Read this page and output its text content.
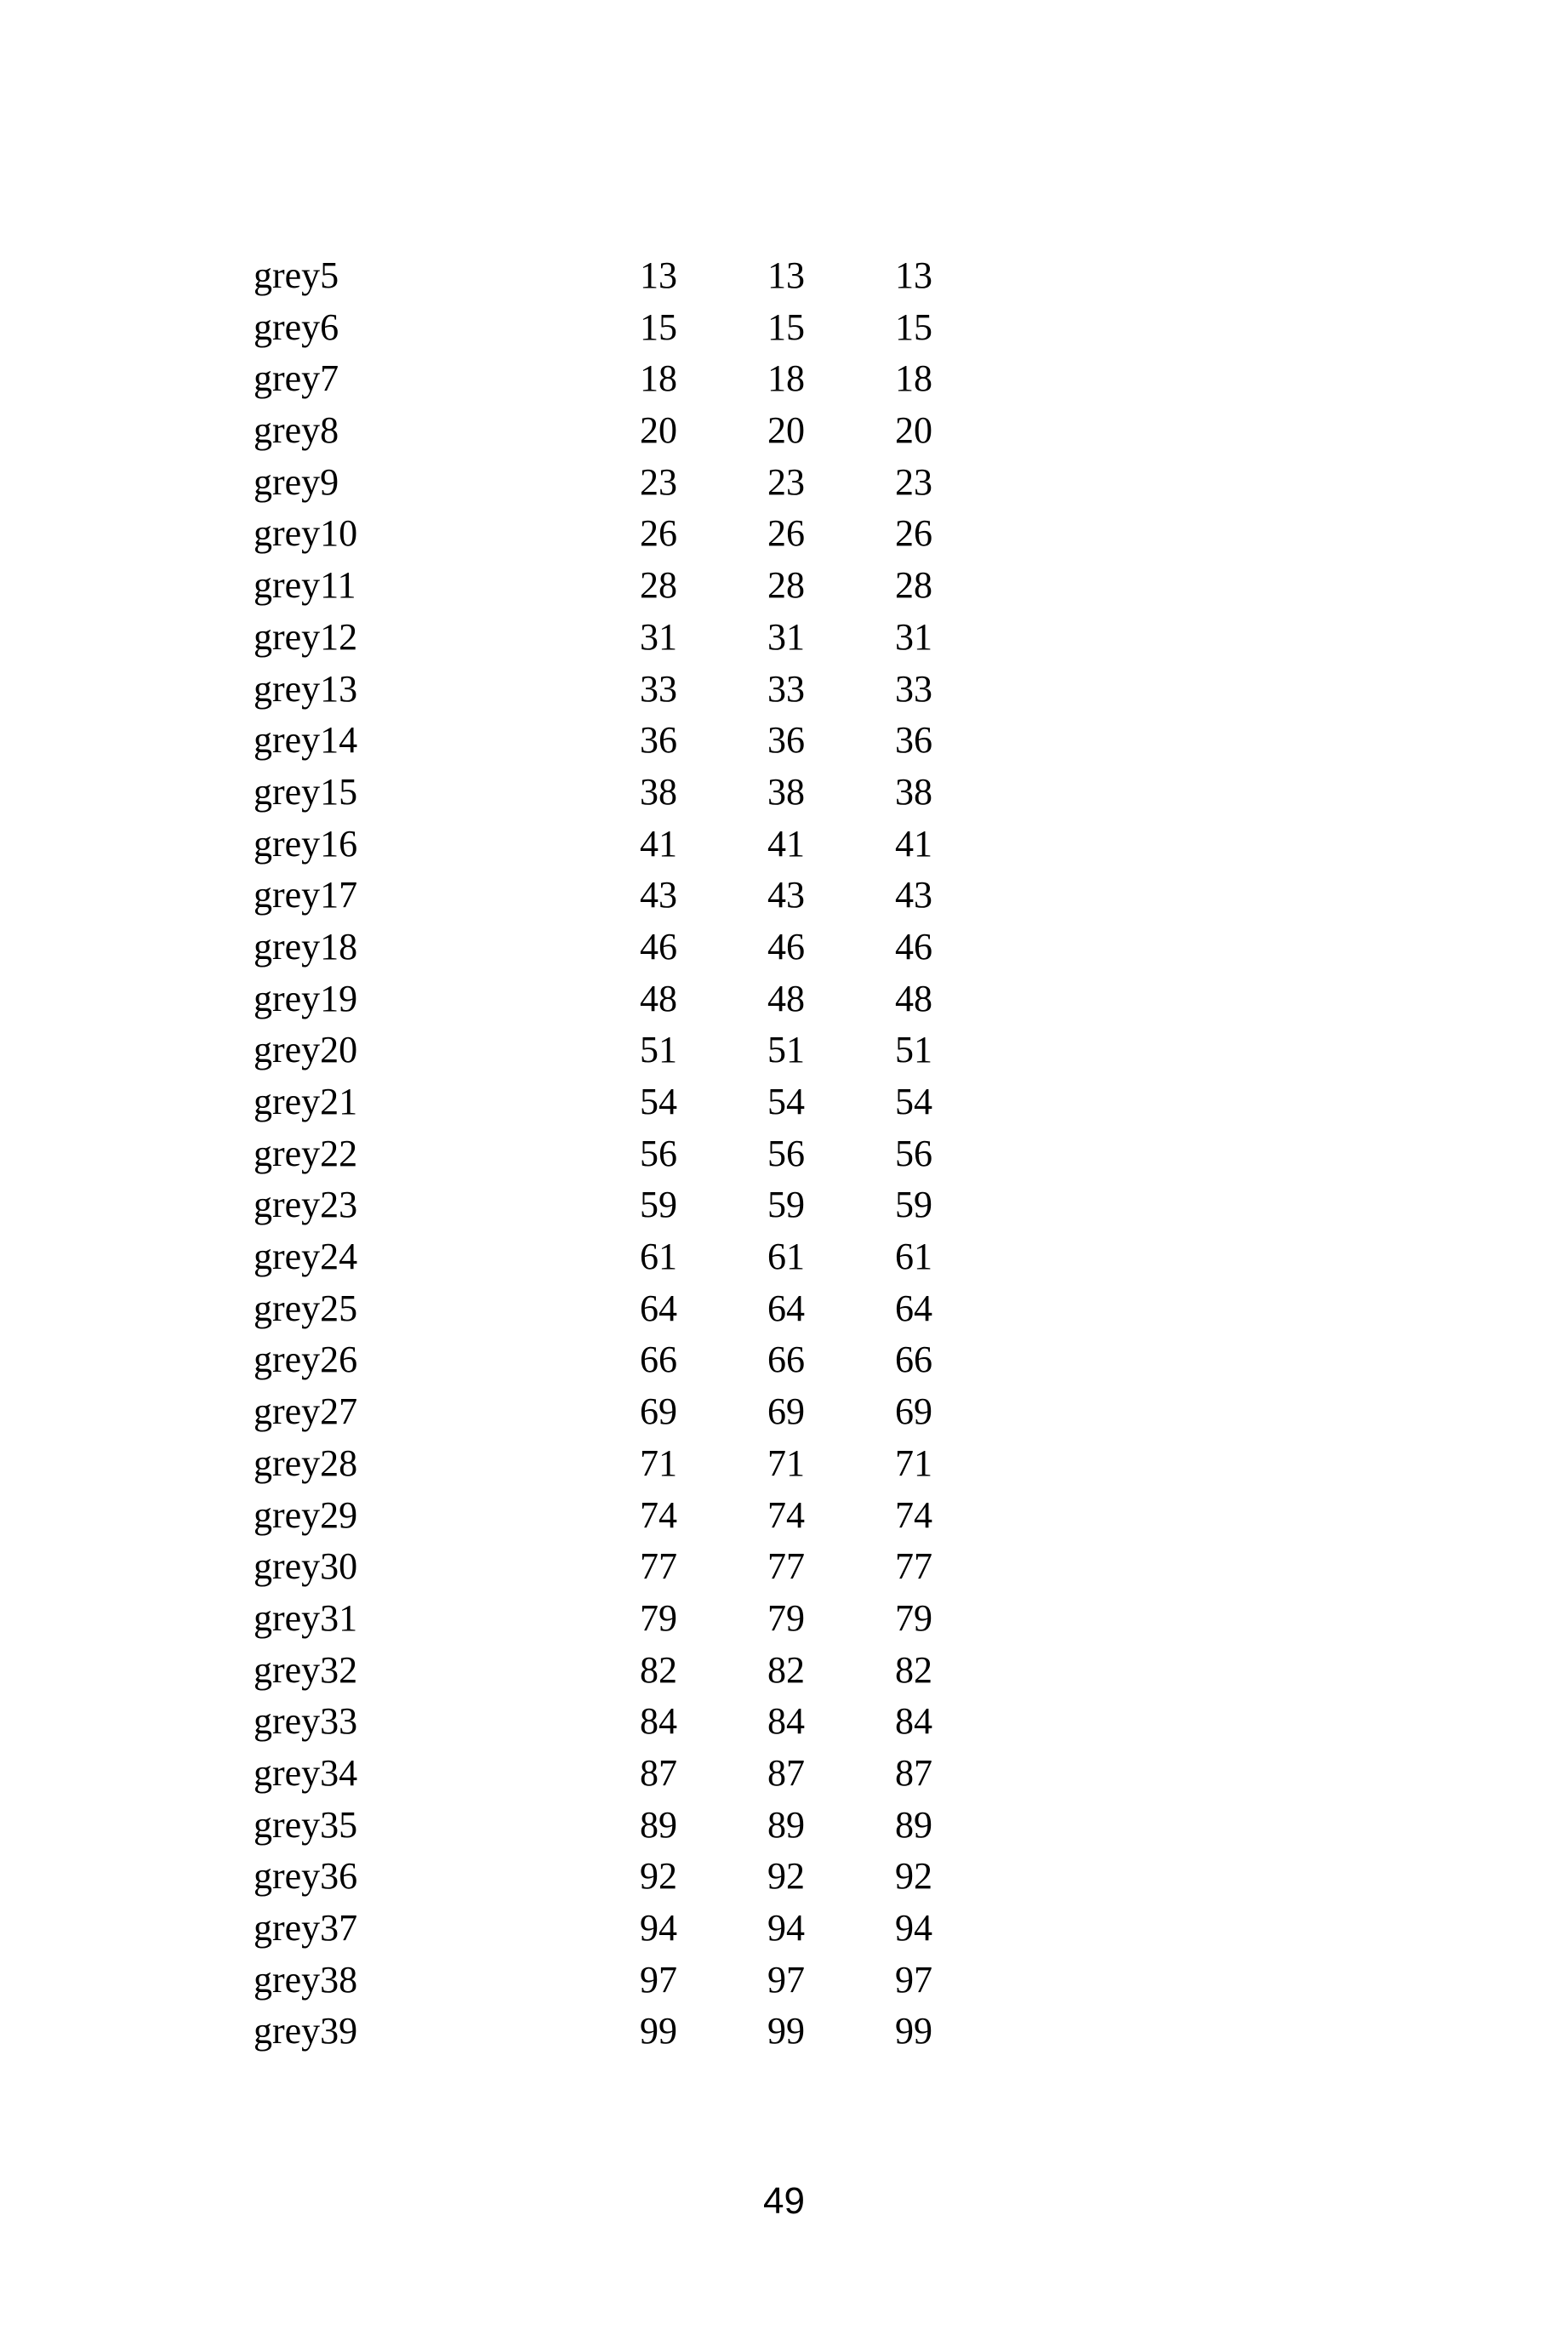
grey5	13 13 13
grey6	15 15 15
grey7	18 18 18
grey8	20 20 20
grey9	23 23 23
grey10	26 26 26
grey11	28 28 28
grey12	31 31 31
grey13	33 33 33
grey14	36 36 36
grey15	38 38 38
grey16	41 41 41
grey17	43 43 43
grey18	46 46 46
grey19	48 48 48
grey20	51 51 51
grey21	54 54 54
grey22	56 56 56
grey23	59 59 59
grey24	61 61 61
grey25	64 64 64
grey26	66 66 66
grey27	69 69 69
grey28	71 71 71
grey29	74 74 74
grey30	77 77 77
grey31	79 79 79
grey32	82 82 82
grey33	84 84 84
grey34	87 87 87
grey35	89 89 89
grey36	92 92 92
grey37	94 94 94
grey38	97 97 97
grey39	99 99 99
49
